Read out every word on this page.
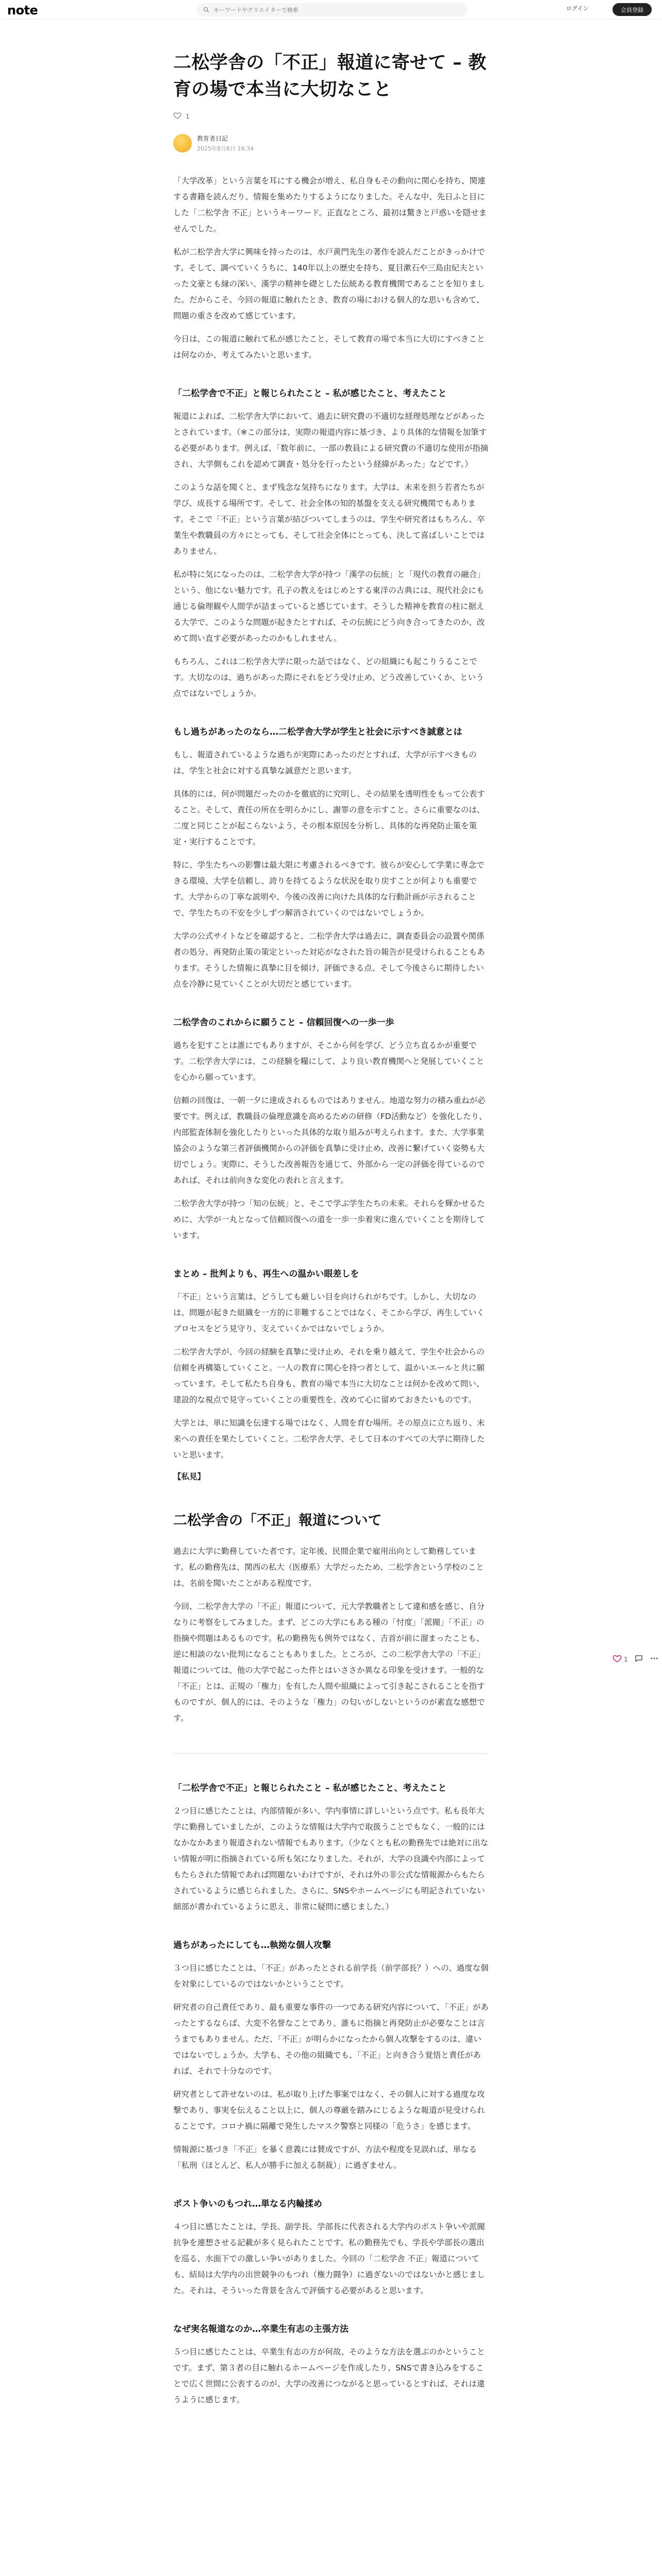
note
キーワードやクリエイターで検索	ログイン	会員登録
二松学舎の「不正」報道に寄せて – 教育の場で本当に大切なこと
1
教育者日記
2025年8月6日 16:34

「大学改革」という言葉を耳にする機会が増え、私自身もその動向に関心を持ち、関連する書籍を読んだり、情報を集めたりするようになりました。そんな中、先日ふと目にした「二松学舎 不正」というキーワード。正直なところ、最初は驚きと戸惑いを隠せませんでした。

私が二松学舎大学に興味を持ったのは、水戸黄門先生の著作を読んだことがきっかけです。そして、調べていくうちに、140年以上の歴史を持ち、夏目漱石や三島由紀夫といった文豪とも縁の深い、漢学の精神を礎とした伝統ある教育機関であることを知りました。だからこそ、今回の報道に触れたとき、教育の場における個人的な思いも含めて、問題の重さを改めて感じています。

今日は、この報道に触れて私が感じたこと、そして教育の場で本当に大切にすべきことは何なのか、考えてみたいと思います。

「二松学舎で不正」と報じられたこと – 私が感じたこと、考えたこと

報道によれば、二松学舎大学において、過去に研究費の不適切な経理処理などがあったとされています。（※この部分は、実際の報道内容に基づき、より具体的な情報を加筆する必要があります。例えば、「数年前に、一部の教員による研究費の不適切な使用が指摘され、大学側もこれを認めて調査・処分を行ったという経緯があった」などです。）

このような話を聞くと、まず残念な気持ちになります。大学は、未来を担う若者たちが学び、成長する場所です。そして、社会全体の知的基盤を支える研究機関でもあります。そこで「不正」という言葉が結びついてしまうのは、学生や研究者はもちろん、卒業生や教職員の方々にとっても、そして社会全体にとっても、決して喜ばしいことではありません。

私が特に気になったのは、二松学舎大学が持つ「漢学の伝統」と「現代の教育の融合」という、他にない魅力です。孔子の教えをはじめとする東洋の古典には、現代社会にも通じる倫理観や人間学が詰まっていると感じています。そうした精神を教育の柱に据える大学で、このような問題が起きたとすれば、その伝統にどう向き合ってきたのか、改めて問い直す必要があったのかもしれません。

もちろん、これは二松学舎大学に限った話ではなく、どの組織にも起こりうることです。大切なのは、過ちがあった際にそれをどう受け止め、どう改善していくか、という点ではないでしょうか。

もし過ちがあったのなら…二松学舎大学が学生と社会に示すべき誠意とは

もし、報道されているような過ちが実際にあったのだとすれば、大学が示すべきものは、学生と社会に対する真摯な誠意だと思います。

具体的には、何が問題だったのかを徹底的に究明し、その結果を透明性をもって公表すること。そして、責任の所在を明らかにし、謝罪の意を示すこと。さらに重要なのは、二度と同じことが起こらないよう、その根本原因を分析し、具体的な再発防止策を策定・実行することです。

特に、学生たちへの影響は最大限に考慮されるべきです。彼らが安心して学業に専念できる環境、大学を信頼し、誇りを持てるような状況を取り戻すことが何よりも重要です。大学からの丁寧な説明や、今後の改善に向けた具体的な行動計画が示されることで、学生たちの不安を少しずつ解消されていくのではないでしょうか。

大学の公式サイトなどを確認すると、二松学舎大学は過去に、調査委員会の設置や関係者の処分、再発防止策の策定といった対応がなされた旨の報告が見受けられることもあります。そうした情報に真摯に目を傾け、評価できる点、そして今後さらに期待したい点を冷静に見ていくことが大切だと感じています。

二松学舎のこれからに願うこと – 信頼回復への一歩一歩

過ちを犯すことは誰にでもありますが、そこから何を学び、どう立ち直るかが重要です。二松学舎大学には、この経験を糧にして、より良い教育機関へと発展していくことを心から願っています。

信頼の回復は、一朝一夕に達成されるものではありません。地道な努力の積み重ねが必要です。例えば、教職員の倫理意識を高めるための研修（FD活動など）を強化したり、内部監査体制を強化したりといった具体的な取り組みが考えられます。また、大学事業協会のような第三者評価機関からの評価を真摯に受け止め、改善に繋げていく姿勢も大切でしょう。実際に、そうした改善報告を通じて、外部から一定の評価を得ているのであれば、それは前向きな変化の表れと言えます。

二松学舎大学が持つ「知の伝統」と、そこで学ぶ学生たちの未来。それらを輝かせるために、大学が一丸となって信頼回復への道を一歩一歩着実に進んでいくことを期待しています。

まとめ – 批判よりも、再生への温かい眼差しを

「不正」という言葉は、どうしても厳しい目を向けられがちです。しかし、大切なのは、問題が起きた組織を一方的に非難することではなく、そこから学び、再生していくプロセスをどう見守り、支えていくかではないでしょうか。

二松学舎大学が、今回の経験を真摯に受け止め、それを乗り越えて、学生や社会からの信頼を再構築していくこと。一人の教育に関心を持つ者として、温かいエールと共に願っています。そして私たち自身も、教育の場で本当に大切なことは何かを改めて問い、建設的な視点で見守っていくことの重要性を、改めて心に留めておきたいものです。

大学とは、単に知識を伝達する場ではなく、人間を育む場所。その原点に立ち返り、未来への責任を果たしていくこと。二松学舎大学、そして日本のすべての大学に期待したいと思います。

【私見】

二松学舎の「不正」報道について

過去に大学に勤務していた者です。定年後、民間企業で雇用出向として勤務しています。私の勤務先は、関西の私大（医療系）大学だったため、二松学舎という学校のことは、名前を聞いたことがある程度です。

今回、二松学舎大学の「不正」報道について、元大学教職者として違和感を感じ、自分なりに考察をしてみました。まず、どこの大学にもある種の「忖度」「派閥」「不正」の指摘や問題はあるものです。私の勤務先も例外ではなく、吉首が前に溜まったことも、逆に相談のない批判になることもありました。ところが、この二松学舎大学の「不正」報道については、他の大学で起こった件とはいささか異なる印象を受けます。一般的な「不正」とは、正規の「権力」を有した人間や組織によって引き起こされることを指すものですが、個人的には、そのような「権力」の匂いがしないというのが素直な感想です。

「二松学舎で不正」と報じられたこと – 私が感じたこと、考えたこと

２つ目に感じたことは、内部情報が多い、学内事情に詳しいという点です。私も長年大学に勤務していましたが、このような情報は大学内で取扱うことでもなく、一般的にはなかなかあまり報道されない情報でもあります。（少なくとも私の勤務先では絶対に出ない情報が明に指摘されている所も気になりました。それが、大学の良識や内部によってもたらされた情報であれば問題ないわけですが、それは外の非公式な情報源からもたらされているように感じられました。さらに、SNSやホームページにも明記されていない細部が書かれているように思え、非常に疑問に感じました。）

過ちがあったにしても…執拗な個人攻撃

３つ目に感じたことは、「不正」があったとされる前学長（前学部長？）への、過度な個を対象にしているのではないかということです。

研究者の自己責任であり、最も重要な事件の一つである研究内容について、「不正」があったとするならば、大変不名誉なことであり、誰もに指摘と再発防止が必要なことは言うまでもありません。ただ、「不正」が明らかになったから個人攻撃をするのは、違いではないでしょうか。大学も、その他の組織でも、「不正」と向き合う覚悟と責任があれば、それで十分なのです。

研究者として許せないのは、私が取り上げた事案ではなく、その個人に対する過度な攻撃であり、事実を伝えること以上に、個人の尊厳を踏みにじるような報道が見受けられることです。コロナ禍に隔離で発生したマスク警察と同様の「危うさ」を感じます。

情報源に基づき「不正」を暴く意義には賛成ですが、方法や程度を見誤れば、単なる「私刑（ほとんど、私人が勝手に加える制裁）」に過ぎません。

ポスト争いのもつれ…単なる内輪揉め

４つ目に感じたことは、学長、副学長、学部長に代表される大学内のポスト争いや派閥抗争を連想させる記載が多く見られたことです。私の勤務先でも、学長や学部長の選出を巡る、水面下での激しい争いがありました。今回の「二松学舎 不正」報道についても、結局は大学内の出世競争のもつれ（権力闘争）に過ぎないのではないかと感じました。それは、そういった背景を含んで評価する必要があると思います。

なぜ実名報道なのか…卒業生有志の主張方法

５つ目に感じたことは、卒業生有志の方が何故、そのような方法を選ぶのかということです。まず、第３者の目に触れるホームページを作成したり、SNSで書き込みをすることで広く世間に公表するのが、大学の改善につながると思っているとすれば、それは違うように感じます。

1
